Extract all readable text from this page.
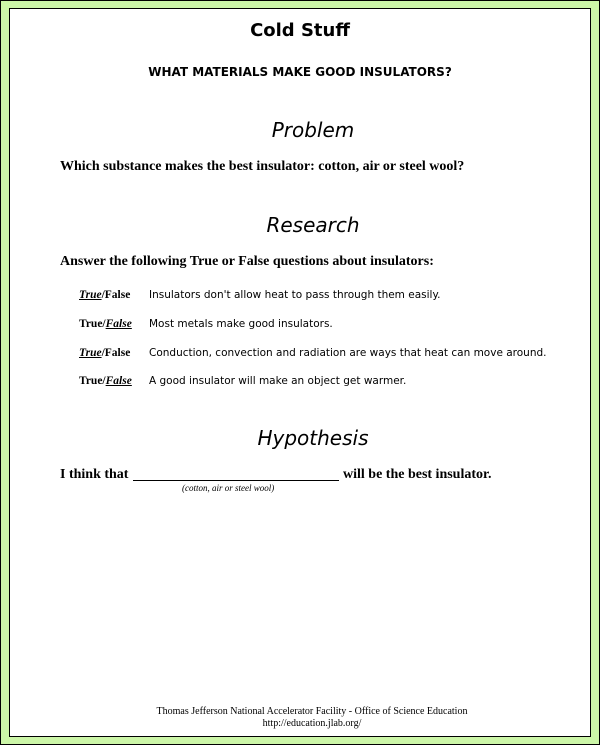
Cold Stuff
WHAT MATERIALS MAKE GOOD INSULATORS?
Problem
Which substance makes the best insulator: cotton, air or steel wool?
Research
Answer the following True or False questions about insulators:
True/False Insulators don't allow heat to pass through them easily.
True/False Most metals make good insulators.
True/False Conduction, convection and radiation are ways that heat can move around.
True/False A good insulator will make an object get warmer.
Hypothesis
I think that	will be the best insulator.
(cotton, air or steel wool)
Thomas Jefferson National Accelerator Facility - Office of Science Education
http://education.jlab.org/
